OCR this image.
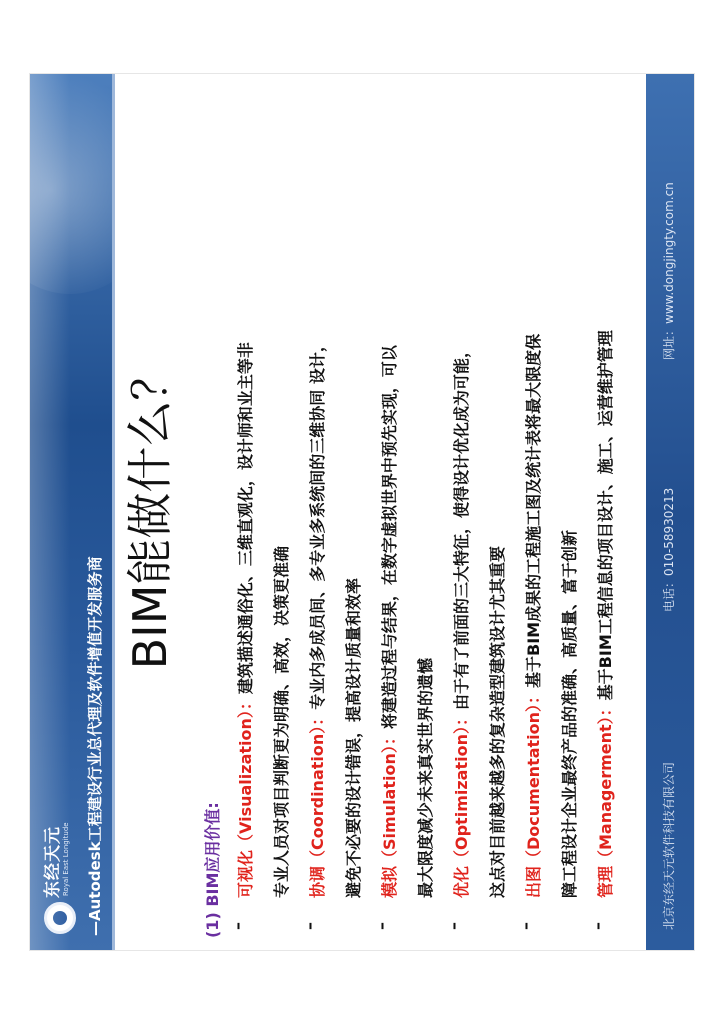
东经天元 Royal East Longitude —Autodesk工程建设行业总代理及软件增值开发服务商
BIM能做什么？
(1) BIM应用价值: –
可视化（Visualization）：建筑描述通俗化、三维直观化，设计师和业主等非
专业人员对项目判断更为明确、高效，决策更准确
–
协调（Coordination）：专业内多成员间、多专业多系统间的三维协同 设计，
避免不必要的设计错误，提高设计质量和效率
–
模拟（Simulation）：将建造过程与结果，在数字虚拟世界中预先实现，可以
最大限度减少未来真实世界的遗憾
–
优化（Optimization）：由于有了前面的三大特征，使得设计优化成为可能，
这点对目前越来越多的复杂造型建筑设计尤其重要
–
出图（Documentation）：基于BIM成果的工程施工图及统计表将最大限度保
障工程设计企业最终产品的准确、高质量、富于创新
–
管理（Managerment）：基于BIM工程信息的项目设计、施工、运营维护管理
北京东经天元软件科技有限公司
电话：010-58930213
网址：www.dongjingty.com.cn
